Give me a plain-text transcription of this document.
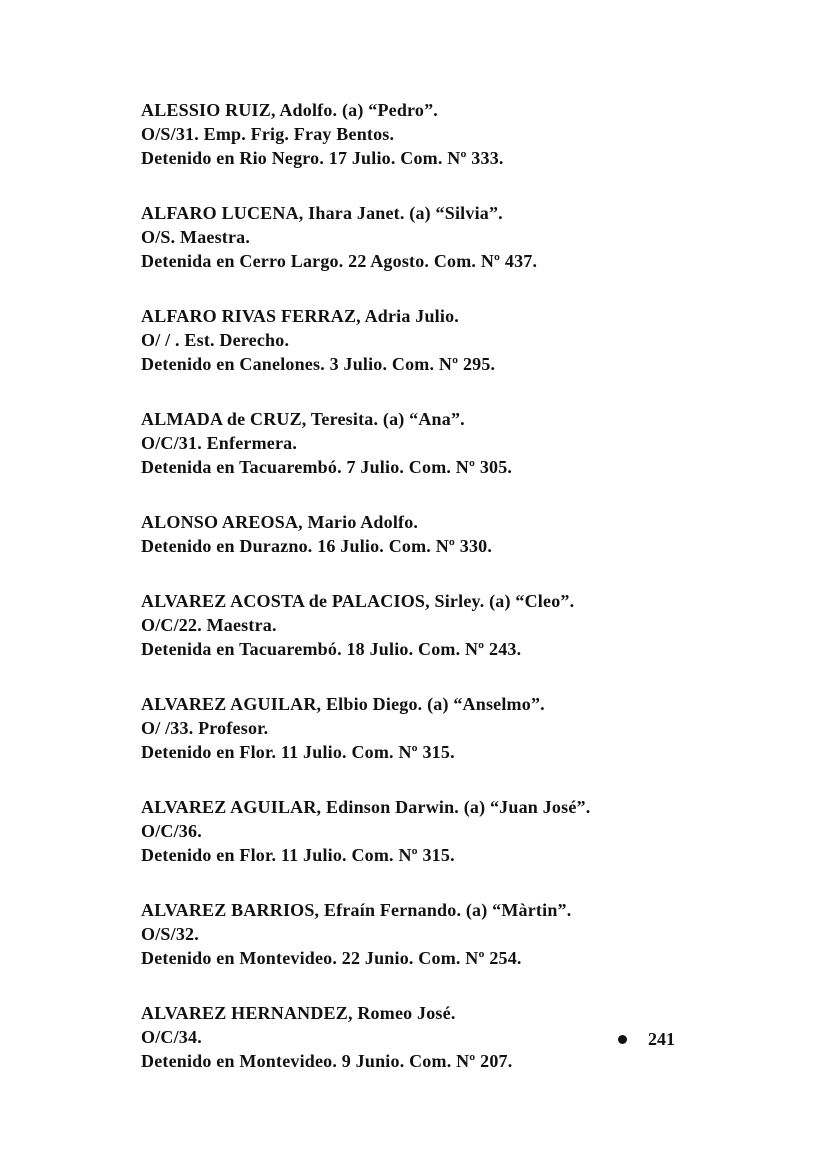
ALESSIO RUIZ, Adolfo. (a) “Pedro”.
O/S/31. Emp. Frig. Fray Bentos.
Detenido en Rio Negro. 17 Julio. Com. Nº 333.
ALFARO LUCENA, Ihara Janet. (a) “Silvia”.
O/S. Maestra.
Detenida en Cerro Largo. 22 Agosto. Com. Nº 437.
ALFARO RIVAS FERRAZ, Adria Julio.
O/ / . Est. Derecho.
Detenido en Canelones. 3 Julio. Com. Nº 295.
ALMADA de CRUZ, Teresita. (a) “Ana”.
O/C/31. Enfermera.
Detenida en Tacuarembó. 7 Julio. Com. Nº 305.
ALONSO AREOSA, Mario Adolfo.
Detenido en Durazno. 16 Julio. Com. Nº 330.
ALVAREZ ACOSTA de PALACIOS, Sirley. (a) “Cleo”.
O/C/22. Maestra.
Detenida en Tacuarembó. 18 Julio. Com. Nº 243.
ALVAREZ AGUILAR, Elbio Diego. (a) “Anselmo”.
O/ /33. Profesor.
Detenido en Flor. 11 Julio. Com. Nº 315.
ALVAREZ AGUILAR, Edinson Darwin. (a) “Juan José”.
O/C/36.
Detenido en Flor. 11 Julio. Com. Nº 315.
ALVAREZ BARRIOS, Efraín Fernando. (a) “Màrtin”.
O/S/32.
Detenido en Montevideo. 22 Junio. Com. Nº 254.
ALVAREZ HERNANDEZ, Romeo José.
O/C/34.
Detenido en Montevideo. 9 Junio. Com. Nº 207.
241
